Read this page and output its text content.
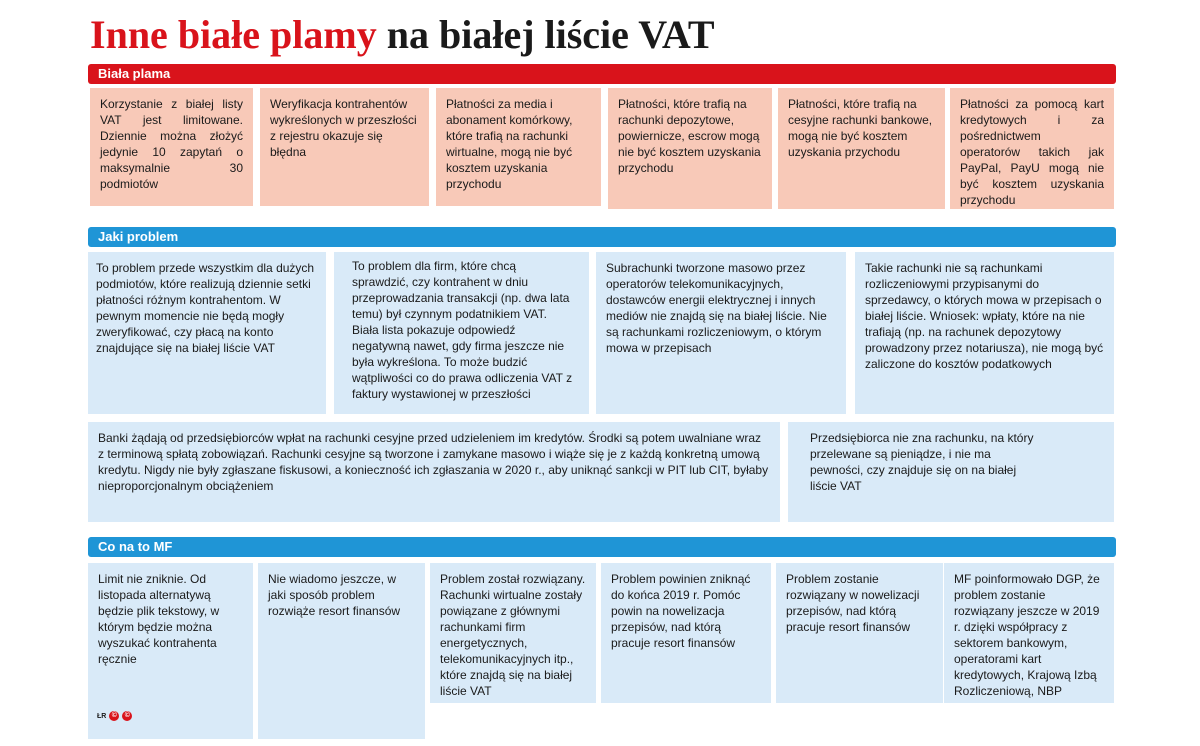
Inne białe plamy na białej liście VAT
Biała plama
Korzystanie z białej listy VAT jest limitowane. Dziennie można złożyć jedynie 10 zapytań o maksymalnie 30 podmiotów
Weryfikacja kontrahentów wykreślonych w przeszłości z rejestru okazuje się błędna
Płatności za media i abonament komórkowy, które trafią na rachunki wirtualne, mogą nie być kosztem uzyskania przychodu
Płatności, które trafią na rachunki depozytowe, powiernicze, escrow mogą nie być kosztem uzyskania przychodu
Płatności, które trafią na cesyjne rachunki bankowe, mogą nie być kosztem uzyskania przychodu
Płatności za pomocą kart kredytowych i za pośrednictwem operatorów takich jak PayPal, PayU mogą nie być kosztem uzyskania przychodu
Jaki problem
To problem przede wszystkim dla dużych podmiotów, które realizują dziennie setki płatności różnym kontrahentom. W pewnym momencie nie będą mogły zweryfikować, czy płacą na konto znajdujące się na białej liście VAT
To problem dla firm, które chcą sprawdzić, czy kontrahent w dniu przeprowadzania transakcji (np. dwa lata temu) był czynnym podatnikiem VAT. Biała lista pokazuje odpowiedź negatywną nawet, gdy firma jeszcze nie była wykreślona. To może budzić wątpliwości co do prawa odliczenia VAT z faktury wystawionej w przeszłości
Subrachunki tworzone masowo przez operatorów telekomunikacyjnych, dostawców energii elektrycznej i innych mediów nie znajdą się na białej liście. Nie są rachunkami rozliczeniowym, o którym mowa w przepisach
Takie rachunki nie są rachunkami rozliczeniowymi przypisanymi do sprzedawcy, o których mowa w przepisach o białej liście. Wniosek: wpłaty, które na nie trafiają (np. na rachunek depozytowy prowadzony przez notariusza), nie mogą być zaliczone do kosztów podatkowych
Banki żądają od przedsiębiorców wpłat na rachunki cesyjne przed udzieleniem im kredytów. Środki są potem uwalniane wraz z terminową spłatą zobowiązań. Rachunki cesyjne są tworzone i zamykane masowo i wiąże się je z każdą konkretną umową kredytu. Nigdy nie były zgłaszane fiskusowi, a konieczność ich zgłaszania w 2020 r., aby uniknąć sankcji w PIT lub CIT, byłaby nieproporcjonalnym obciążeniem
Przedsiębiorca nie zna rachunku, na który przelewane są pieniądze, i nie ma pewności, czy znajduje się on na białej liście VAT
Co na to MF
Limit nie zniknie. Od listopada alternatywą będzie plik tekstowy, w którym będzie można wyszukać kontrahenta ręcznie
Nie wiadomo jeszcze, w jaki sposób problem rozwiąże resort finansów
Problem został rozwiązany. Rachunki wirtualne zostały powiązane z głównymi rachunkami firm energetycznych, telekomunikacyjnych itp., które znajdą się na białej liście VAT
Problem powinien zniknąć do końca 2019 r. Pomóc powin na nowelizacja przepisów, nad którą pracuje resort finansów
Problem zostanie rozwiązany w nowelizacji przepisów, nad którą pracuje resort finansów
MF poinformowało DGP, że problem zostanie rozwiązany jeszcze w 2019 r. dzięki współpracy z sektorem bankowym, operatorami kart kredytowych, Krajową Izbą Rozliczeniową, NBP
ŁR ©	©
